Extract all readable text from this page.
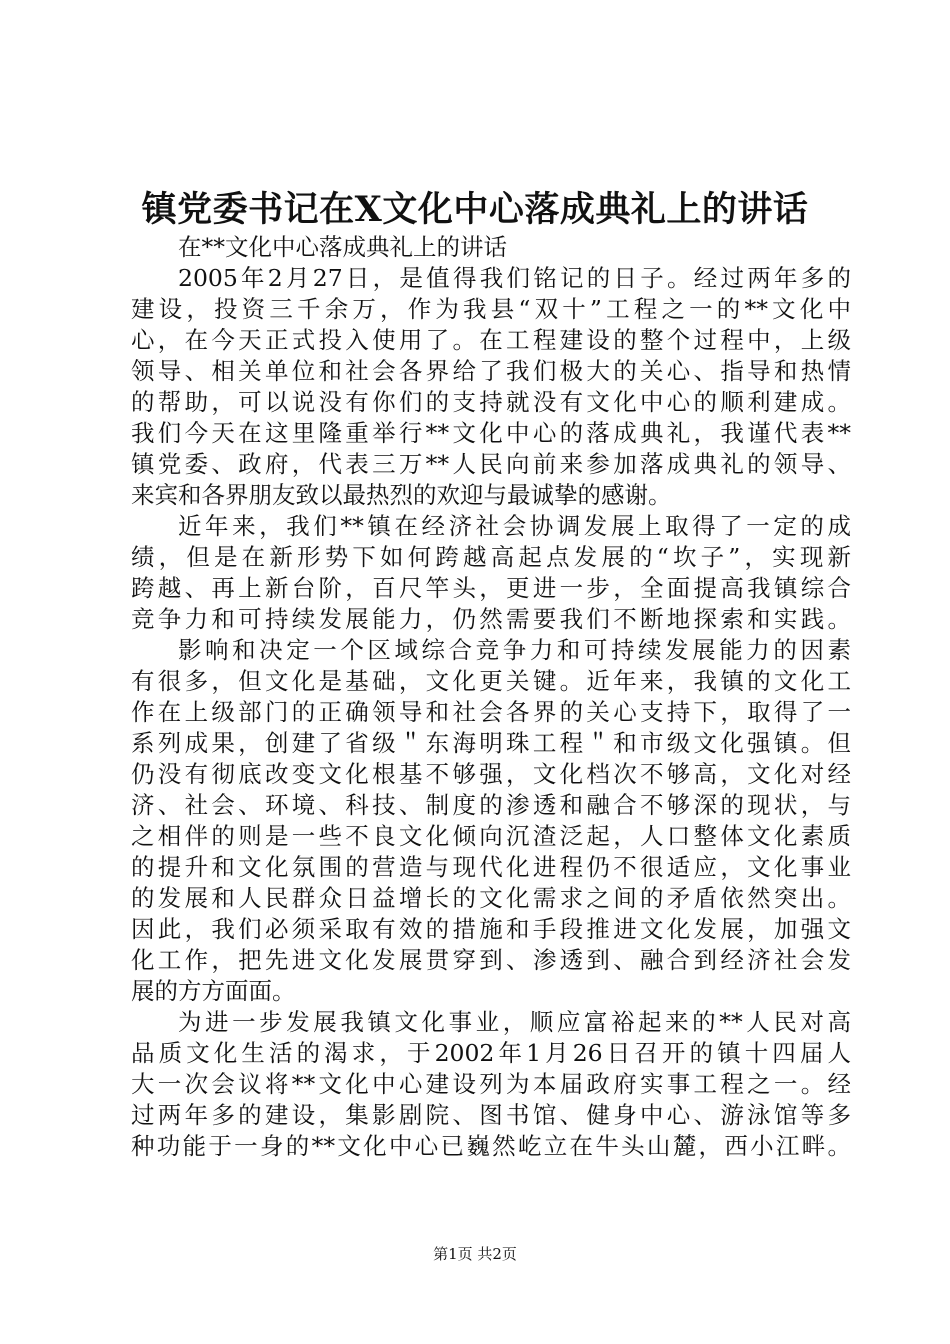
镇党委书记在X文化中心落成典礼上的讲话
在**文化中心落成典礼上的讲话
2005年2月27日，是值得我们铭记的日子。经过两年多的
建设，投资三千余万，作为我县“双十”工程之一的**文化中
心，在今天正式投入使用了。在工程建设的整个过程中，上级
领导、相关单位和社会各界给了我们极大的关心、指导和热情
的帮助，可以说没有你们的支持就没有文化中心的顺利建成。
我们今天在这里隆重举行**文化中心的落成典礼，我谨代表**
镇党委、政府，代表三万**人民向前来参加落成典礼的领导、
来宾和各界朋友致以最热烈的欢迎与最诚挚的感谢。
近年来，我们**镇在经济社会协调发展上取得了一定的成
绩，但是在新形势下如何跨越高起点发展的“坎子”，实现新
跨越、再上新台阶，百尺竿头，更进一步，全面提高我镇综合
竞争力和可持续发展能力，仍然需要我们不断地探索和实践。
影响和决定一个区域综合竞争力和可持续发展能力的因素
有很多，但文化是基础，文化更关键。近年来，我镇的文化工
作在上级部门的正确领导和社会各界的关心支持下，取得了一
系列成果，创建了省级＂东海明珠工程＂和市级文化强镇。但
仍没有彻底改变文化根基不够强，文化档次不够高，文化对经
济、社会、环境、科技、制度的渗透和融合不够深的现状，与
之相伴的则是一些不良文化倾向沉渣泛起，人口整体文化素质
的提升和文化氛围的营造与现代化进程仍不很适应，文化事业
的发展和人民群众日益增长的文化需求之间的矛盾依然突出。
因此，我们必须采取有效的措施和手段推进文化发展，加强文
化工作，把先进文化发展贯穿到、渗透到、融合到经济社会发
展的方方面面。
为进一步发展我镇文化事业，顺应富裕起来的**人民对高
品质文化生活的渴求，于2002年1月26日召开的镇十四届人
大一次会议将**文化中心建设列为本届政府实事工程之一。经
过两年多的建设，集影剧院、图书馆、健身中心、游泳馆等多
种功能于一身的**文化中心已巍然屹立在牛头山麓，西小江畔。
第1页 共2页
